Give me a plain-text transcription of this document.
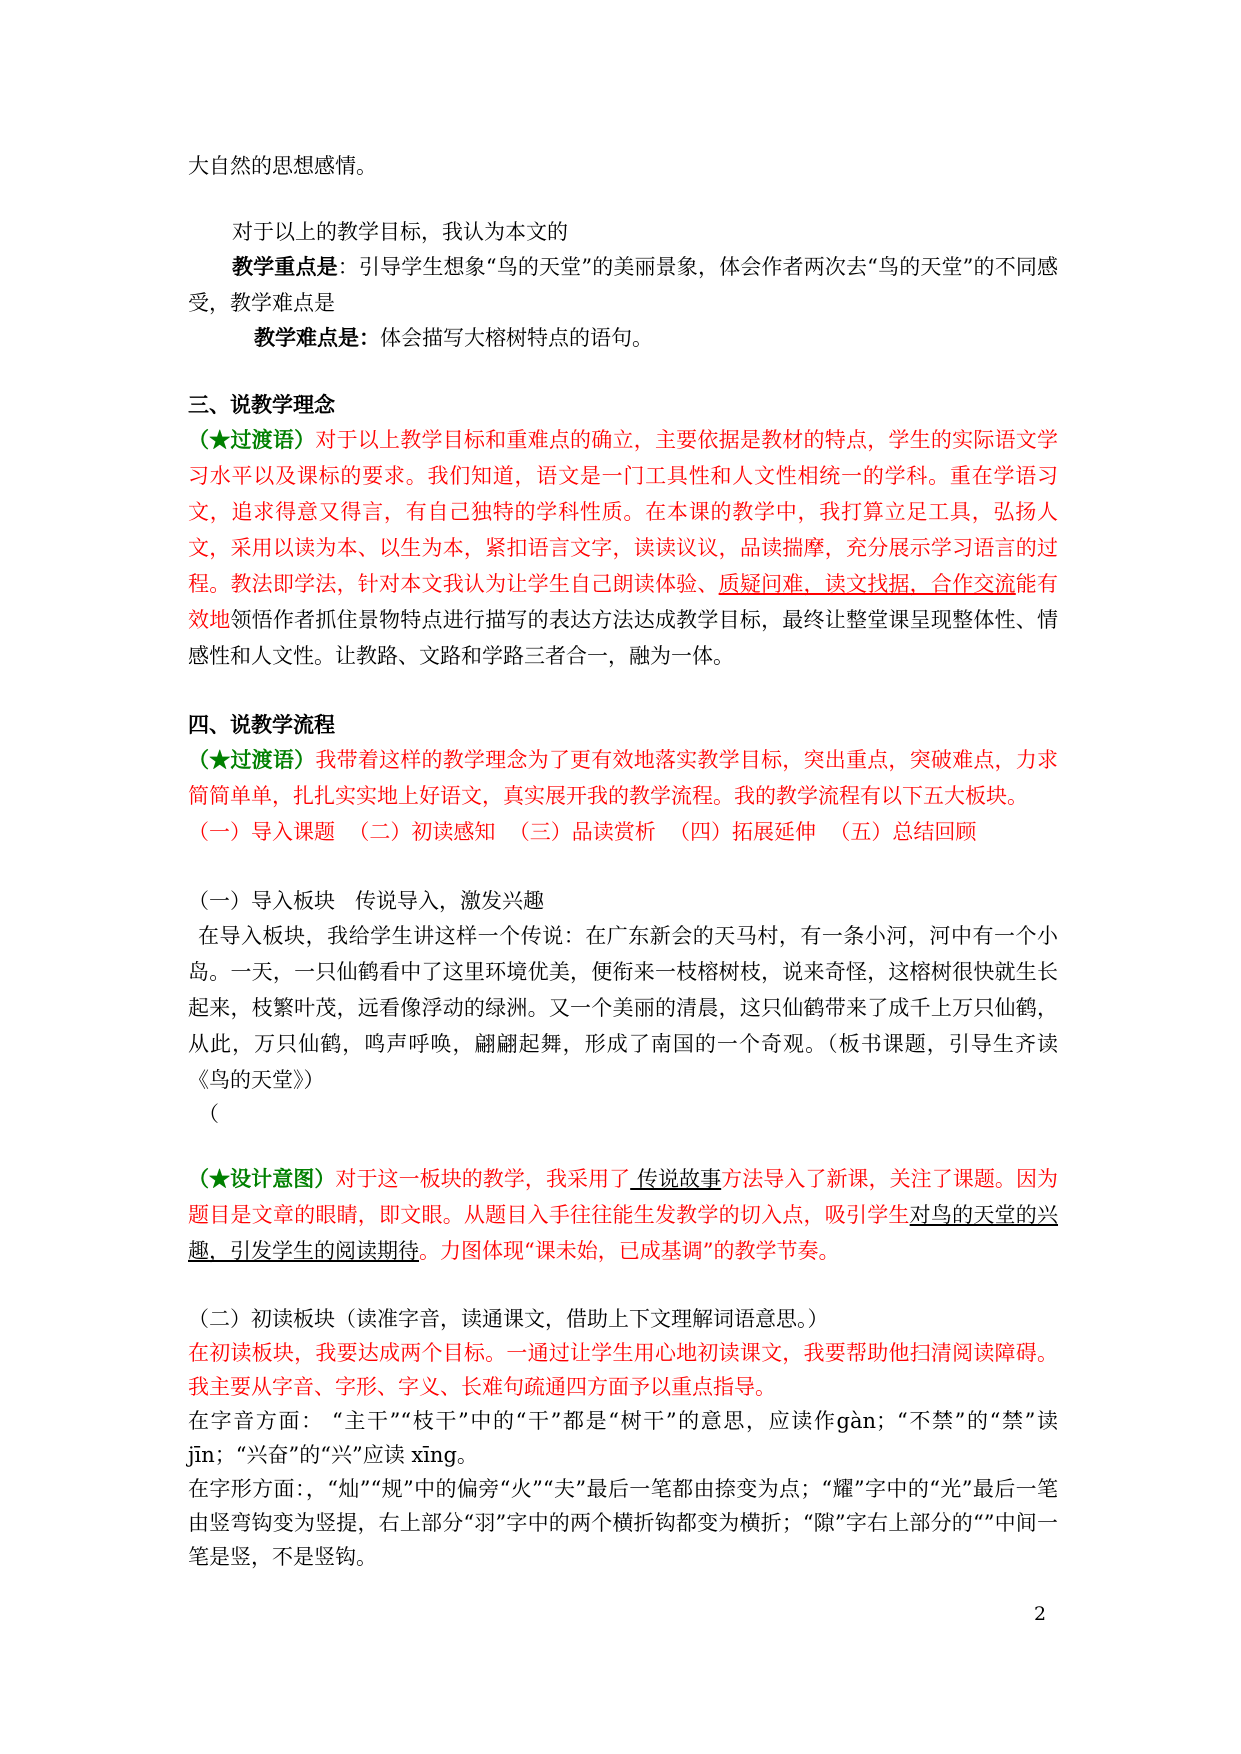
大自然的思想感情。
对于以上的教学目标，我认为本文的

教学重点是：引导学生想象“鸟的天堂”的美丽景象，体会作者两次去“鸟的天堂”的不同感受，教学难点是

教学难点是：体会描写大榕树特点的语句。
三、说教学理念

（★过渡语）对于以上教学目标和重难点的确立，主要依据是教材的特点，学生的实际语文学习水平以及课标的要求。我们知道，语文是一门工具性和人文性相统一的学科。重在学语习文，追求得意又得言，有自己独特的学科性质。在本课的教学中，我打算立足工具，弘扬人文，采用以读为本、以生为本，紧扣语言文字，读读议议，品读揣摩，充分展示学习语言的过程。教法即学法，针对本文我认为让学生自己朗读体验、质疑问难，读文找据，合作交流能有效地领悟作者抓住景物特点进行描写的表达方法达成教学目标，最终让整堂课呈现整体性、情感性和人文性。让教路、文路和学路三者合一，融为一体。

四、说教学流程

（★过渡语）我带着这样的教学理念为了更有效地落实教学目标，突出重点，突破难点，力求简简单单，扎扎实实地上好语文，真实展开我的教学流程。我的教学流程有以下五大板块。

（一）导入课题  （二）初读感知  （三）品读赏析  （四）拓展延伸  （五）总结回顾
（一）导入板块   传说导入，激发兴趣

在导入板块，我给学生讲这样一个传说：在广东新会的天马村，有一条小河，河中有一个小岛。一天，一只仙鹤看中了这里环境优美，便衔来一枝榕树枝，说来奇怪，这榕树很快就生长起来，枝繁叶茂，远看像浮动的绿洲。又一个美丽的清晨，这只仙鹤带来了成千上万只仙鹤，从此，万只仙鹤，鸣声呼唤，翩翩起舞，形成了南国的一个奇观。（板书课题，引导生齐读《鸟的天堂》）

（

（★设计意图）对于这一板块的教学，我采用了 传说故事方法导入了新课，关注了课题。因为题目是文章的眼睛，即文眼。从题目入手往往能生发教学的切入点，吸引学生对鸟的天堂的兴趣，引发学生的阅读期待。力图体现“课未始，已成基调”的教学节奏。

（二）初读板块（读准字音，读通课文，借助上下文理解词语意思。）

在初读板块，我要达成两个目标。一通过让学生用心地初读课文，我要帮助他扫清阅读障碍。我主要从字音、字形、字义、长难句疏通四方面予以重点指导。

在字音方面： “主干”“枝干”中的“干”都是“树干”的意思，应读作gàn；“不禁”的“禁”读jīn；“兴奋”的“兴”应读 xīng。

在字形方面：，“灿”“规”中的偏旁“火”“夫”最后一笔都由捺变为点；“耀”字中的“光”最后一笔由竖弯钩变为竖提，右上部分“羽”字中的两个横折钩都变为横折；“隙”字右上部分的“”中间一笔是竖，不是竖钩。

2
